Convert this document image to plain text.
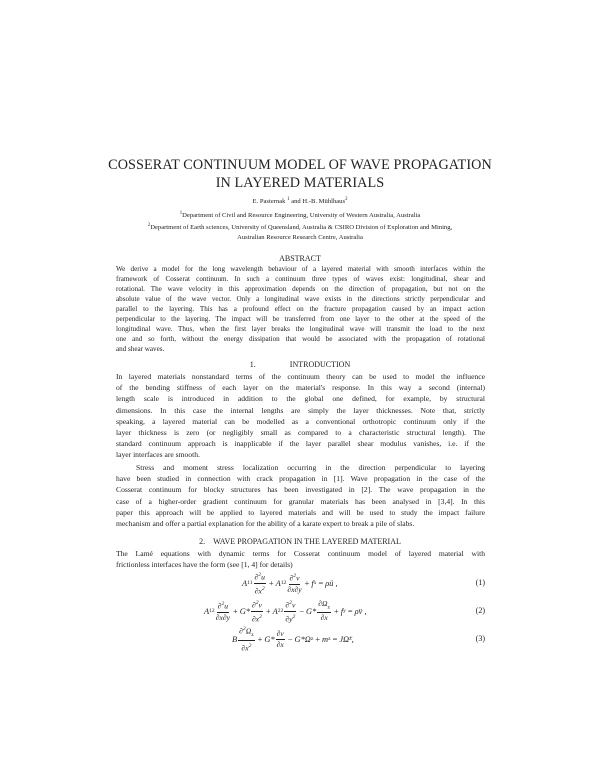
COSSERAT CONTINUUM MODEL OF WAVE PROPAGATION
IN LAYERED MATERIALS
E. Pasternak $^1$ and H.-B. Mühlhaus$^2$
$^1$Department of Civil and Resource Engineering, University of Western Australia, Australia
$^2$Department of Earth sciences, University of Queensland, Australia & CSIRO Division of Exploration and Mining,
Australian Resource Research Centre, Australia
ABSTRACT
We derive a model for the long wavelength behaviour of a layered material with smooth interfaces within the
framework of Cosserat continuum. In such a continuum three types of waves exist: longitudinal, shear and
rotational. The wave velocity in this approximation depends on the direction of propagation, but not on the
absolute value of the wave vector. Only a longitudinal wave exists in the directions strictly perpendicular and
parallel to the layering. This has a profound effect on the fracture propagation caused by an impact action
perpendicular to the layering. The impact will be transferred from one layer to the other at the speed of the
longitudinal wave. Thus, when the first layer breaks the longitudinal wave will transmit the load to the next
one and so forth, without the energy dissipation that would be associated with the propagation of rotational
and shear waves.
1.	INTRODUCTION
In layered materials nonstandard terms of the continuum theory can be used to model the influence
of the bending stiffness of each layer on the material's response. In this way a second (internal)
length scale is introduced in addition to the global one defined, for example, by structural
dimensions. In this case the internal lengths are simply the layer thicknesses. Note that, strictly
speaking, a layered material can be modelled as a conventional orthotropic continuum only if the
layer thickness is zero (or negligibly small as compared to a characteristic structural length). The
standard continuum approach is inapplicable if the layer parallel shear modulus vanishes, i.e. if the
layer interfaces are smooth.
Stress and moment stress localization occurring in the direction perpendicular to layering
have been studied in connection with crack propagation in [1]. Wave propagation in the case of the
Cosserat continuum for blocky structures has been investigated in [2]. The wave propagation in the
case of a higher-order gradient continuum for granular materials has been analysed in [3,4]. In this
paper this approach will be applied to layered materials and will be used to study the impact failure
mechanism and offer a partial explanation for the ability of a karate expert to break a pile of slabs.
2. WAVE PROPAGATION IN THE LAYERED MATERIAL
The Lamé equations with dynamic terms for Cosserat continuum model of layered material with
frictionless interfaces have the form (see [1, 4] for details)
A $11 \frac{\partial^2u}{\partial x^2} + A$ $12 \frac{\partial^2v}{\partial x\partial y} + f$ x = ρü ,	(1)
A $12 \frac{\partial^2u}{\partial x\partial y} + G* \frac{\partial^2v}{\partial x^2} + A$ $22 \frac{\partial^2v}{\partial y^2} - G* \frac{\partial\Omega_z}{\partial x} + f$ y = ρv̈ ,	(2)
B $\frac{\partial^2\Omega_z}{\partial x^2} + G* \frac{\partial v}{\partial x} - G*\Omega$ z + m z = JΩ̈ z ,	(3)
